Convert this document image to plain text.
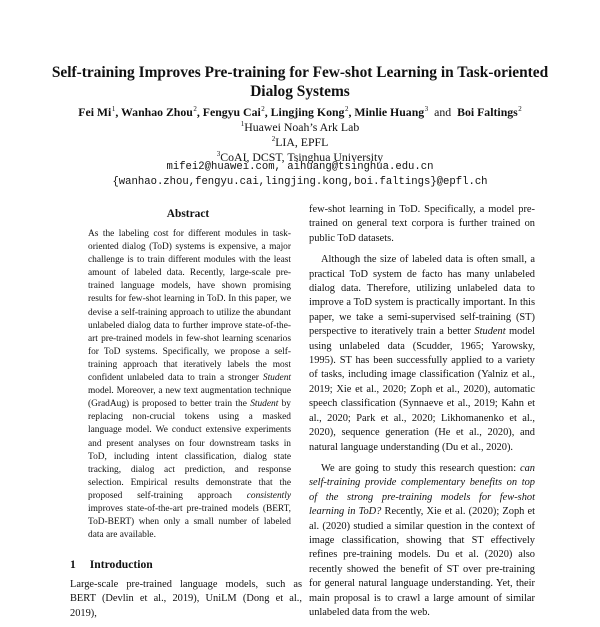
Self-training Improves Pre-training for Few-shot Learning in Task-oriented
Dialog Systems
Fei Mi$^1$, Wanhao Zhou$^2$, Fengyu Cai$^2$, Lingjing Kong$^2$, Minlie Huang$^3$ and Boi Faltings$^2$
$^1$Huawei Noah’s Ark Lab
$^2$LIA, EPFL
$^3$CoAI, DCST, Tsinghua University
mifei2@huawei.com, aihuang@tsinghua.edu.cn
{wanhao.zhou,fengyu.cai,lingjing.kong,boi.faltings}@epfl.ch
Abstract
As the labeling cost for different modules in task-oriented dialog (ToD) systems is expensive, a major challenge is to train different modules with the least amount of labeled data. Recently, large-scale pre-trained language models, have shown promising results for few-shot learning in ToD. In this paper, we devise a self-training approach to utilize the abundant unlabeled dialog data to further improve state-of-the-art pre-trained models in few-shot learning scenarios for ToD systems. Specifically, we propose a self-training approach that iteratively labels the most confident unlabeled data to train a stronger Student model. Moreover, a new text augmentation technique (GradAug) is proposed to better train the Student by replacing non-crucial tokens using a masked language model. We conduct extensive experiments and present analyses on four downstream tasks in ToD, including intent classification, dialog state tracking, dialog act prediction, and response selection. Empirical results demonstrate that the proposed self-training approach consistently improves state-of-the-art pre-trained models (BERT, ToD-BERT) when only a small number of labeled data are available.
1 Introduction
Large-scale pre-trained language models, such as BERT (Devlin et al., 2019), UniLM (Dong et al., 2019),

few-shot learning in ToD. Specifically, a model pre-trained on general text corpora is further trained on public ToD datasets.

Although the size of labeled data is often small, a practical ToD system de facto has many unlabeled dialog data. Therefore, utilizing unlabeled data to improve a ToD system is practically important. In this paper, we take a semi-supervised self-training (ST) perspective to iteratively train a better Student model using unlabeled data (Scudder, 1965; Yarowsky, 1995). ST has been successfully applied to a variety of tasks, including image classification (Yalniz et al., 2019; Xie et al., 2020; Zoph et al., 2020), automatic speech classification (Synnaeve et al., 2019; Kahn et al., 2020; Park et al., 2020; Likhomanenko et al., 2020), sequence generation (He et al., 2020), and natural language understanding (Du et al., 2020).

We are going to study this research question: can self-training provide complementary benefits on top of the strong pre-training models for few-shot learning in ToD? Recently, Xie et al. (2020); Zoph et al. (2020) studied a similar question in the context of image classification, showing that ST effectively refines pre-training models. Du et al. (2020) also recently showed the benefit of ST over pre-training for general natural language understanding. Yet, their main proposal is to crawl a large amount of similar unlabeled data from the web.
